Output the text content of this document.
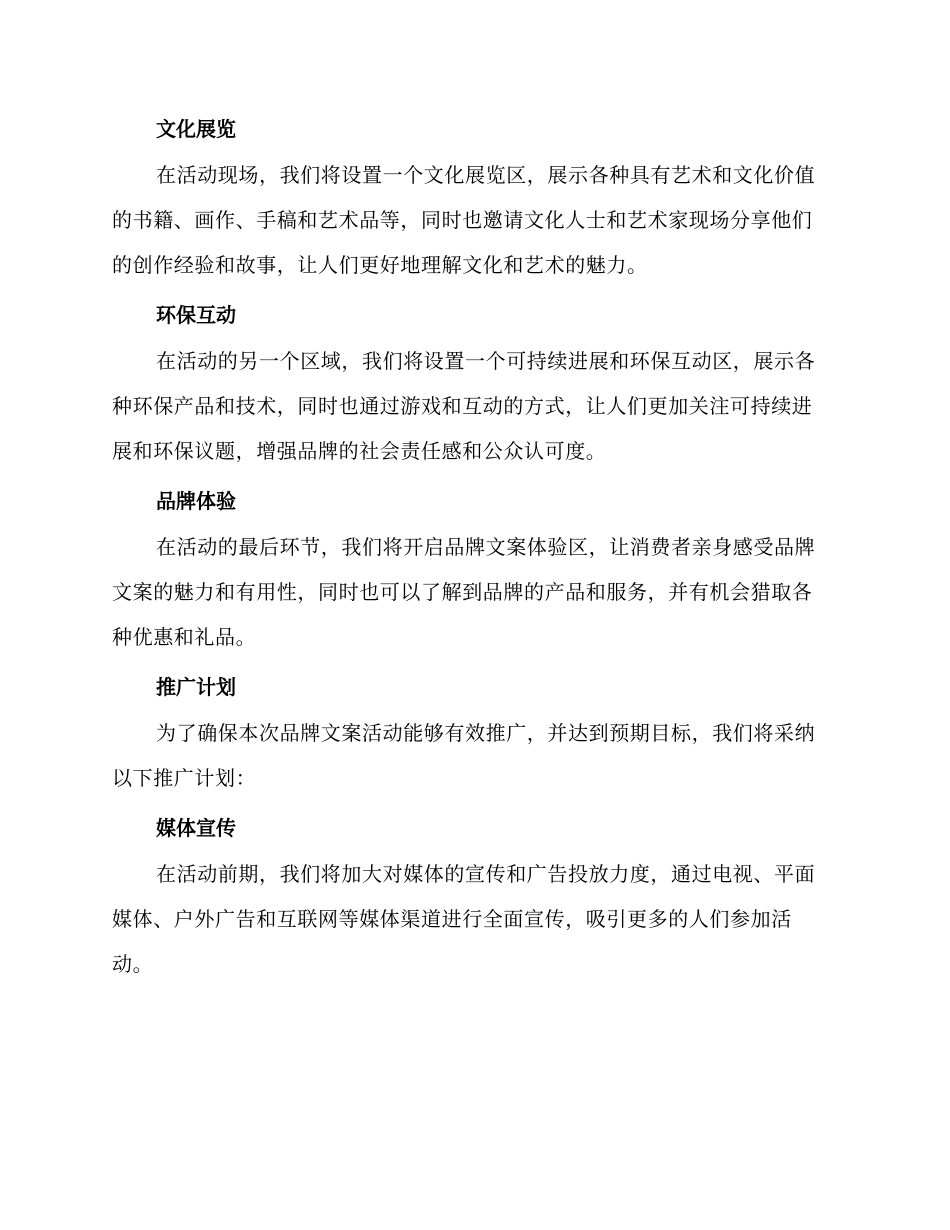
文化展览

在活动现场，我们将设置一个文化展览区，展示各种具有艺术和文化价值的书籍、画作、手稿和艺术品等，同时也邀请文化人士和艺术家现场分享他们的创作经验和故事，让人们更好地理解文化和艺术的魅力。

环保互动

在活动的另一个区域，我们将设置一个可持续进展和环保互动区，展示各种环保产品和技术，同时也通过游戏和互动的方式，让人们更加关注可持续进展和环保议题，增强品牌的社会责任感和公众认可度。

品牌体验

在活动的最后环节，我们将开启品牌文案体验区，让消费者亲身感受品牌文案的魅力和有用性，同时也可以了解到品牌的产品和服务，并有机会猎取各种优惠和礼品。

推广计划

为了确保本次品牌文案活动能够有效推广，并达到预期目标，我们将采纳以下推广计划：

媒体宣传

在活动前期，我们将加大对媒体的宣传和广告投放力度，通过电视、平面媒体、户外广告和互联网等媒体渠道进行全面宣传，吸引更多的人们参加活动。
